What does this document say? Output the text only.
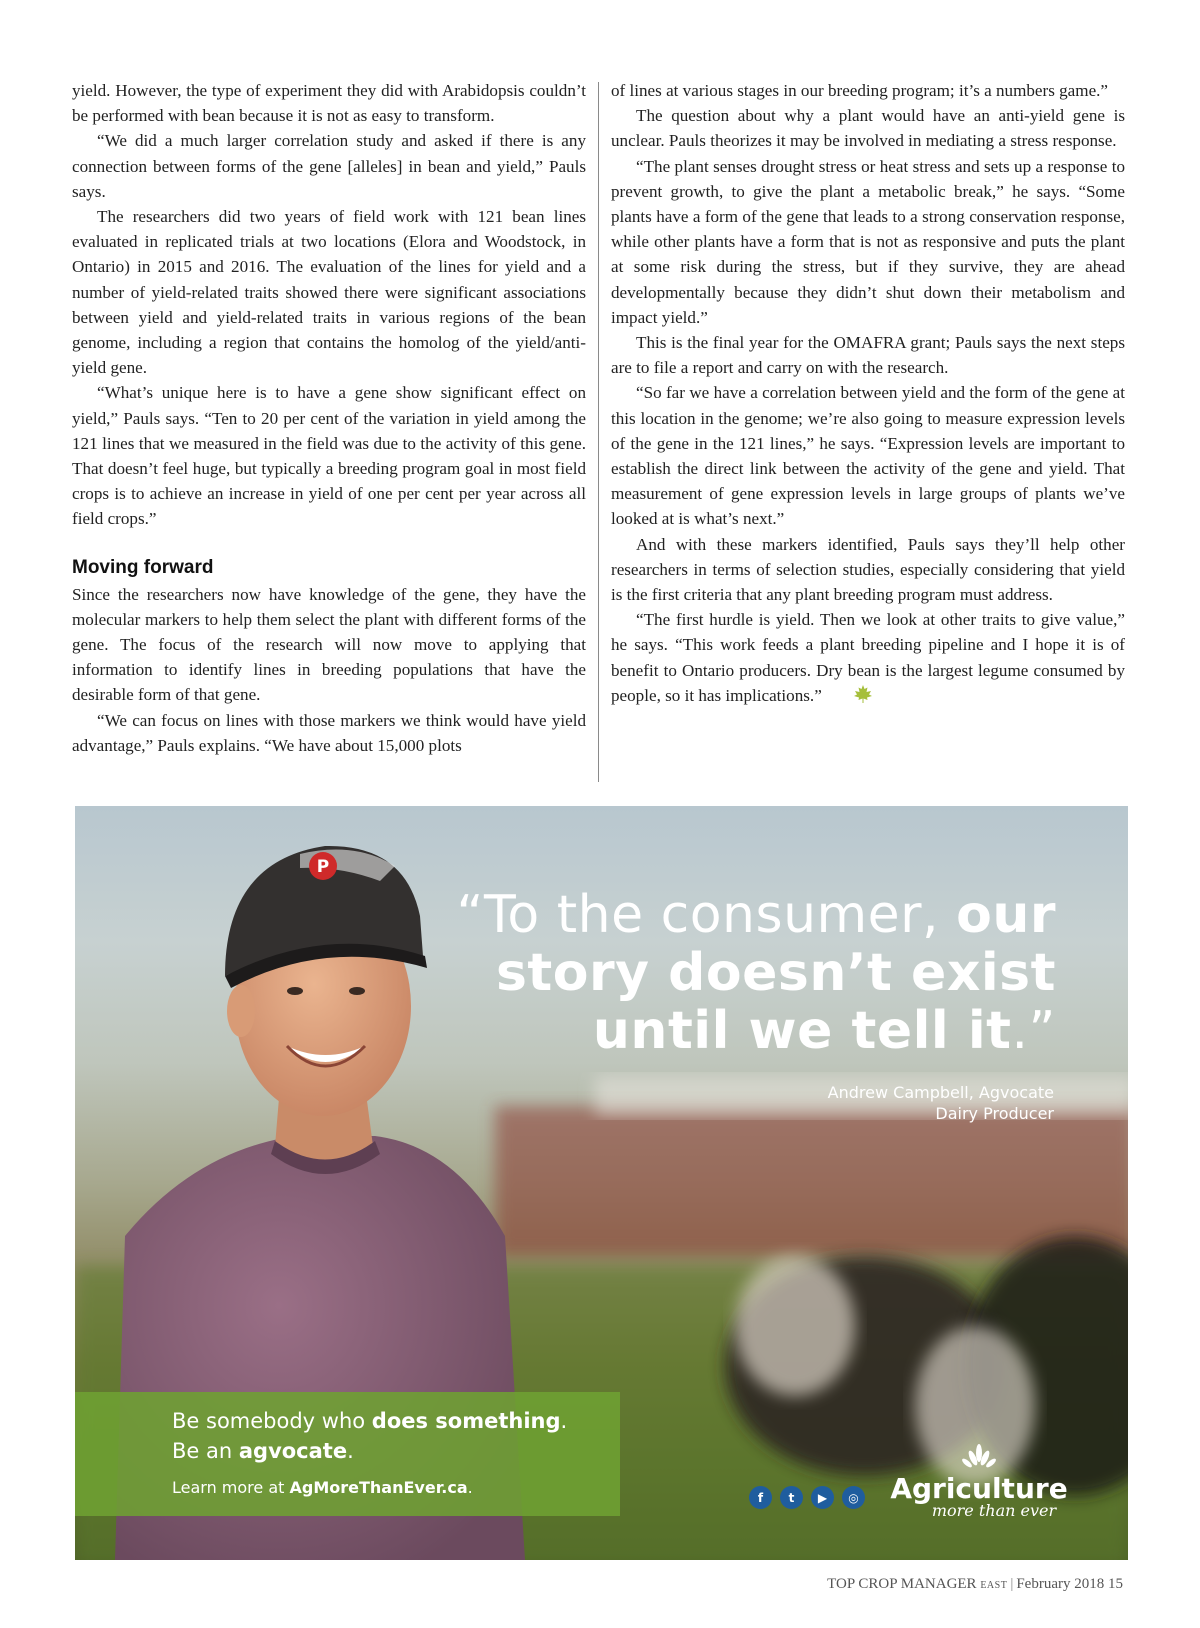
yield. However, the type of experiment they did with Arabidopsis couldn’t be performed with bean because it is not as easy to transform.

“We did a much larger correlation study and asked if there is any connection between forms of the gene [alleles] in bean and yield,” Pauls says.

The researchers did two years of field work with 121 bean lines evaluated in replicated trials at two locations (Elora and Woodstock, in Ontario) in 2015 and 2016. The evaluation of the lines for yield and a number of yield-related traits showed there were significant associations between yield and yield-related traits in various regions of the bean genome, including a region that contains the homolog of the yield/anti-yield gene.

“What’s unique here is to have a gene show significant effect on yield,” Pauls says. “Ten to 20 per cent of the variation in yield among the 121 lines that we measured in the field was due to the activity of this gene. That doesn’t feel huge, but typically a breeding program goal in most field crops is to achieve an increase in yield of one per cent per year across all field crops.”

Moving forward

Since the researchers now have knowledge of the gene, they have the molecular markers to help them select the plant with different forms of the gene. The focus of the research will now move to applying that information to identify lines in breeding populations that have the desirable form of that gene.

“We can focus on lines with those markers we think would have yield advantage,” Pauls explains. “We have about 15,000 plots

of lines at various stages in our breeding program; it’s a numbers game.”

The question about why a plant would have an anti-yield gene is unclear. Pauls theorizes it may be involved in mediating a stress response.

“The plant senses drought stress or heat stress and sets up a response to prevent growth, to give the plant a metabolic break,” he says. “Some plants have a form of the gene that leads to a strong conservation response, while other plants have a form that is not as responsive and puts the plant at some risk during the stress, but if they survive, they are ahead developmentally because they didn’t shut down their metabolism and impact yield.”

This is the final year for the OMAFRA grant; Pauls says the next steps are to file a report and carry on with the research.

“So far we have a correlation between yield and the form of the gene at this location in the genome; we’re also going to measure expression levels of the gene in the 121 lines,” he says. “Expression levels are important to establish the direct link between the activity of the gene and yield. That measurement of gene expression levels in large groups of plants we’ve looked at is what’s next.”

And with these markers identified, Pauls says they’ll help other researchers in terms of selection studies, especially considering that yield is the first criteria that any plant breeding program must address.

“The first hurdle is yield. Then we look at other traits to give value,” he says. “This work feeds a plant breeding pipeline and I hope it is of benefit to Ontario producers. Dry bean is the largest legume consumed by people, so it has implications.”

P
“To the consumer, our story doesn’t exist until we tell it.”
Andrew Campbell, Agvocate
Dairy Producer
Be somebody who does something.
Be an agvocate.
Learn more at AgMoreThanEver.ca.
f	t	▶	◎ Agriculture
more than ever
TOP CROP MANAGER EAST | February 2018 15
